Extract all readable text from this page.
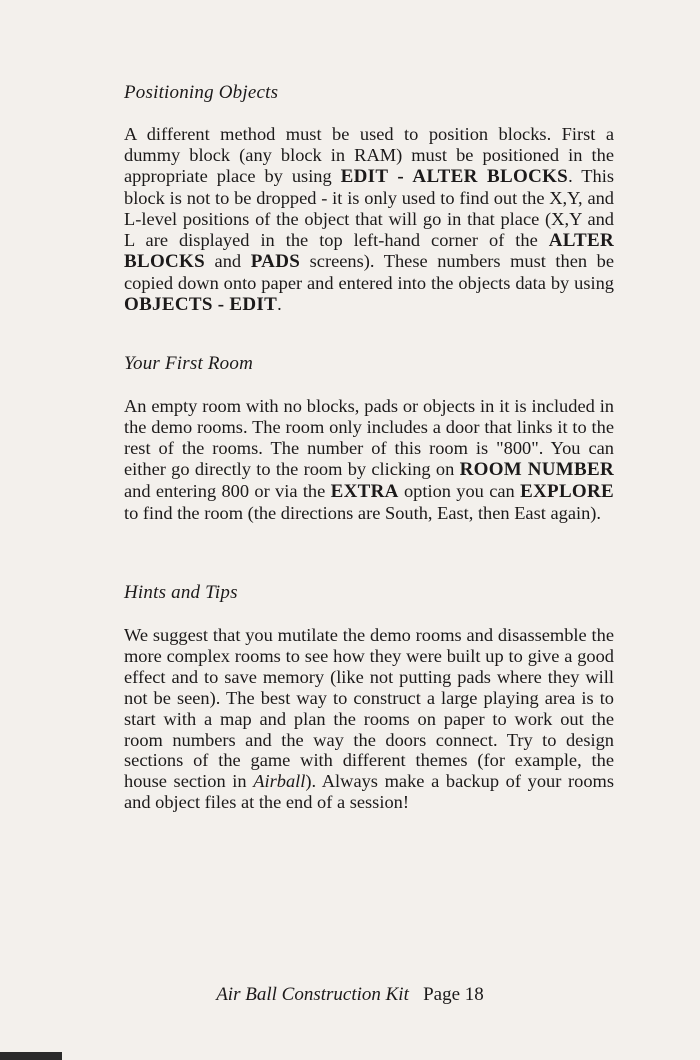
Positioning Objects

A different method must be used to position blocks. First a dummy block (any block in RAM) must be positioned in the appropriate place by using EDIT - ALTER BLOCKS. This block is not to be dropped - it is only used to find out the X,Y, and L-level positions of the object that will go in that place (X,Y and L are displayed in the top left-hand corner of the ALTER BLOCKS and PADS screens). These numbers must then be copied down onto paper and entered into the objects data by using OBJECTS - EDIT.

Your First Room

An empty room with no blocks, pads or objects in it is included in the demo rooms. The room only includes a door that links it to the rest of the rooms. The number of this room is "800". You can either go directly to the room by clicking on ROOM NUMBER and entering 800 or via the EXTRA option you can EXPLORE to find the room (the directions are South, East, then East again).

Hints and Tips

We suggest that you mutilate the demo rooms and disassemble the more complex rooms to see how they were built up to give a good effect and to save memory (like not putting pads where they will not be seen). The best way to construct a large playing area is to start with a map and plan the rooms on paper to work out the room numbers and the way the doors connect. Try to design sections of the game with different themes (for example, the house section in Airball). Always make a backup of your rooms and object files at the end of a session!

Air Ball Construction Kit Page 18
